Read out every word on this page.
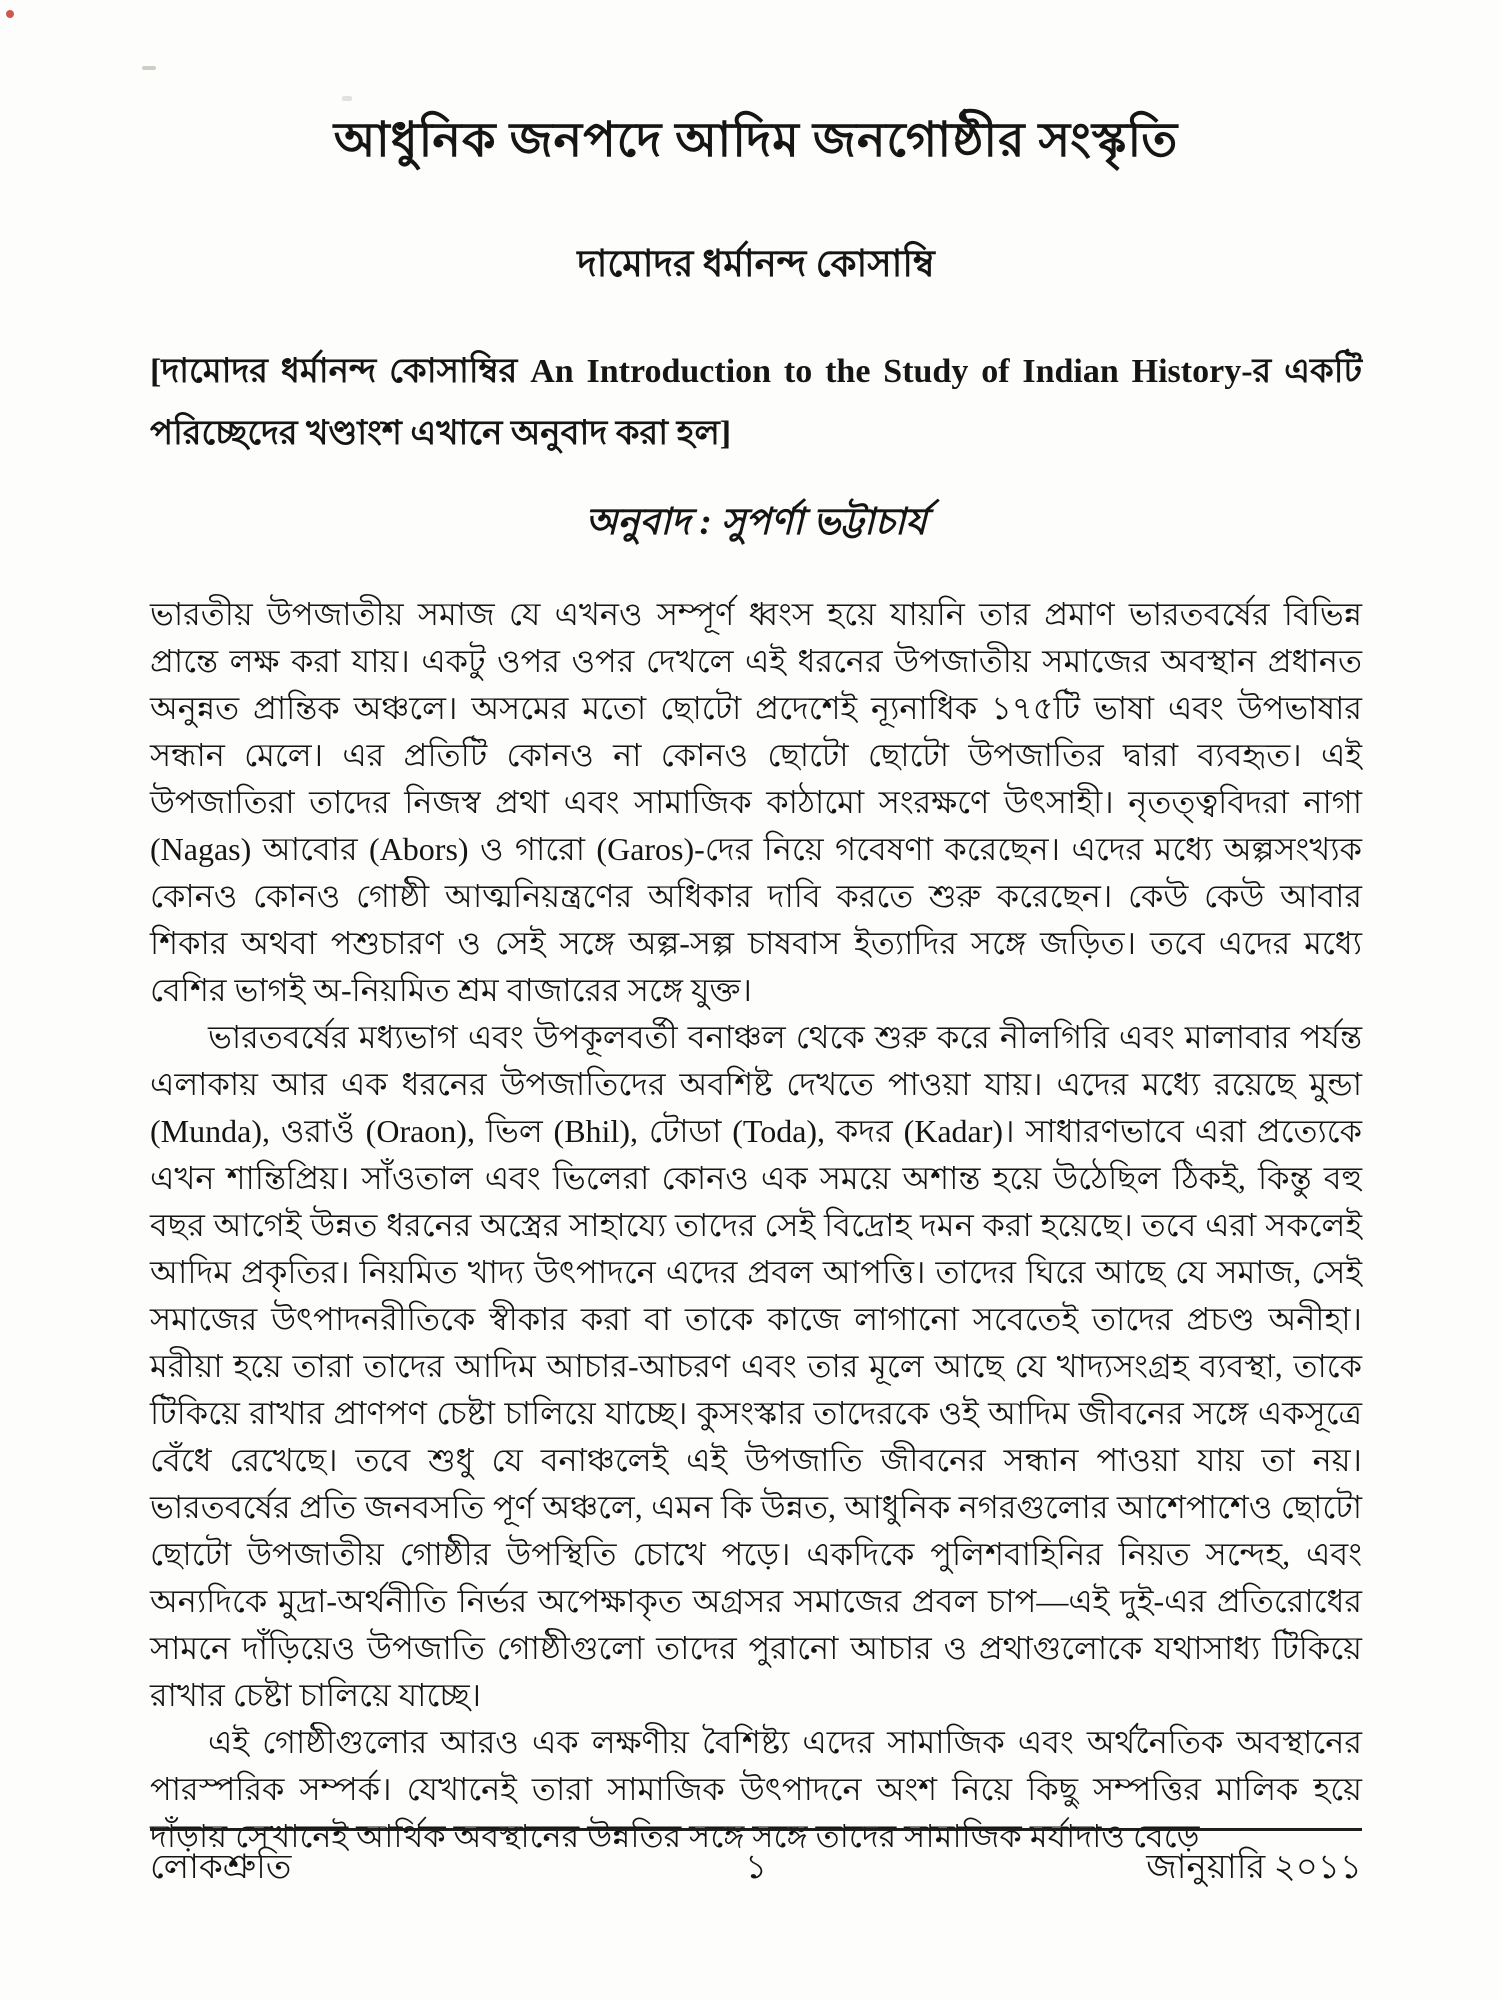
আধুনিক জনপদে আদিম জনগোষ্ঠীর সংস্কৃতি
দামোদর ধর্মানন্দ কোসাম্বি

[দামোদর ধর্মানন্দ কোসাম্বির An Introduction to the Study of Indian History-র একটি পরিচ্ছেদের খণ্ডাংশ এখানে অনুবাদ করা হল]

অনুবাদ : সুপর্ণা ভট্টাচার্য

ভারতীয় উপজাতীয় সমাজ যে এখনও সম্পূর্ণ ধ্বংস হয়ে যায়নি তার প্রমাণ ভারতবর্ষের বিভিন্ন প্রান্তে লক্ষ করা যায়। একটু ওপর ওপর দেখলে এই ধরনের উপজাতীয় সমাজের অবস্থান প্রধানত অনুন্নত প্রান্তিক অঞ্চলে। অসমের মতো ছোটো প্রদেশেই ন্যূনাধিক ১৭৫টি ভাষা এবং উপভাষার সন্ধান মেলে। এর প্রতিটি কোনও না কোনও ছোটো ছোটো উপজাতির দ্বারা ব্যবহৃত। এই উপজাতিরা তাদের নিজস্ব প্রথা এবং সামাজিক কাঠামো সংরক্ষণে উৎসাহী। নৃতত্ত্ববিদরা নাগা (Nagas) আবোর (Abors) ও গারো (Garos)-দের নিয়ে গবেষণা করেছেন। এদের মধ্যে অল্পসংখ্যক কোনও কোনও গোষ্ঠী আত্মনিয়ন্ত্রণের অধিকার দাবি করতে শুরু করেছেন। কেউ কেউ আবার শিকার অথবা পশুচারণ ও সেই সঙ্গে অল্প-সল্প চাষবাস ইত্যাদির সঙ্গে জড়িত। তবে এদের মধ্যে বেশির ভাগই অ-নিয়মিত শ্রম বাজারের সঙ্গে যুক্ত।

ভারতবর্ষের মধ্যভাগ এবং উপকূলবর্তী বনাঞ্চল থেকে শুরু করে নীলগিরি এবং মালাবার পর্যন্ত এলাকায় আর এক ধরনের উপজাতিদের অবশিষ্ট দেখতে পাওয়া যায়। এদের মধ্যে রয়েছে মুন্ডা (Munda), ওরাওঁ (Oraon), ভিল (Bhil), টোডা (Toda), কদর (Kadar)। সাধারণভাবে এরা প্রত্যেকে এখন শান্তিপ্রিয়। সাঁওতাল এবং ভিলেরা কোনও এক সময়ে অশান্ত হয়ে উঠেছিল ঠিকই, কিন্তু বহু বছর আগেই উন্নত ধরনের অস্ত্রের সাহায্যে তাদের সেই বিদ্রোহ দমন করা হয়েছে। তবে এরা সকলেই আদিম প্রকৃতির। নিয়মিত খাদ্য উৎপাদনে এদের প্রবল আপত্তি। তাদের ঘিরে আছে যে সমাজ, সেই সমাজের উৎপাদনরীতিকে স্বীকার করা বা তাকে কাজে লাগানো সবেতেই তাদের প্রচণ্ড অনীহা। মরীয়া হয়ে তারা তাদের আদিম আচার-আচরণ এবং তার মূলে আছে যে খাদ্যসংগ্রহ ব্যবস্থা, তাকে টিকিয়ে রাখার প্রাণপণ চেষ্টা চালিয়ে যাচ্ছে। কুসংস্কার তাদেরকে ওই আদিম জীবনের সঙ্গে একসূত্রে বেঁধে রেখেছে। তবে শুধু যে বনাঞ্চলেই এই উপজাতি জীবনের সন্ধান পাওয়া যায় তা নয়। ভারতবর্ষের প্রতি জনবসতি পূর্ণ অঞ্চলে, এমন কি উন্নত, আধুনিক নগরগুলোর আশেপাশেও ছোটো ছোটো উপজাতীয় গোষ্ঠীর উপস্থিতি চোখে পড়ে। একদিকে পুলিশবাহিনির নিয়ত সন্দেহ, এবং অন্যদিকে মুদ্রা-অর্থনীতি নির্ভর অপেক্ষাকৃত অগ্রসর সমাজের প্রবল চাপ—এই দুই-এর প্রতিরোধের সামনে দাঁড়িয়েও উপজাতি গোষ্ঠীগুলো তাদের পুরানো আচার ও প্রথাগুলোকে যথাসাধ্য টিকিয়ে রাখার চেষ্টা চালিয়ে যাচ্ছে।

এই গোষ্ঠীগুলোর আরও এক লক্ষণীয় বৈশিষ্ট্য এদের সামাজিক এবং অর্থনৈতিক অবস্থানের পারস্পরিক সম্পর্ক। যেখানেই তারা সামাজিক উৎপাদনে অংশ নিয়ে কিছু সম্পত্তির মালিক হয়ে দাঁড়ায় সেখানেই আর্থিক অবস্থানের উন্নতির সঙ্গে সঙ্গে তাদের সামাজিক মর্যাদাও বেড়ে

লোকশ্রুতি	১	জানুয়ারি ২০১১
